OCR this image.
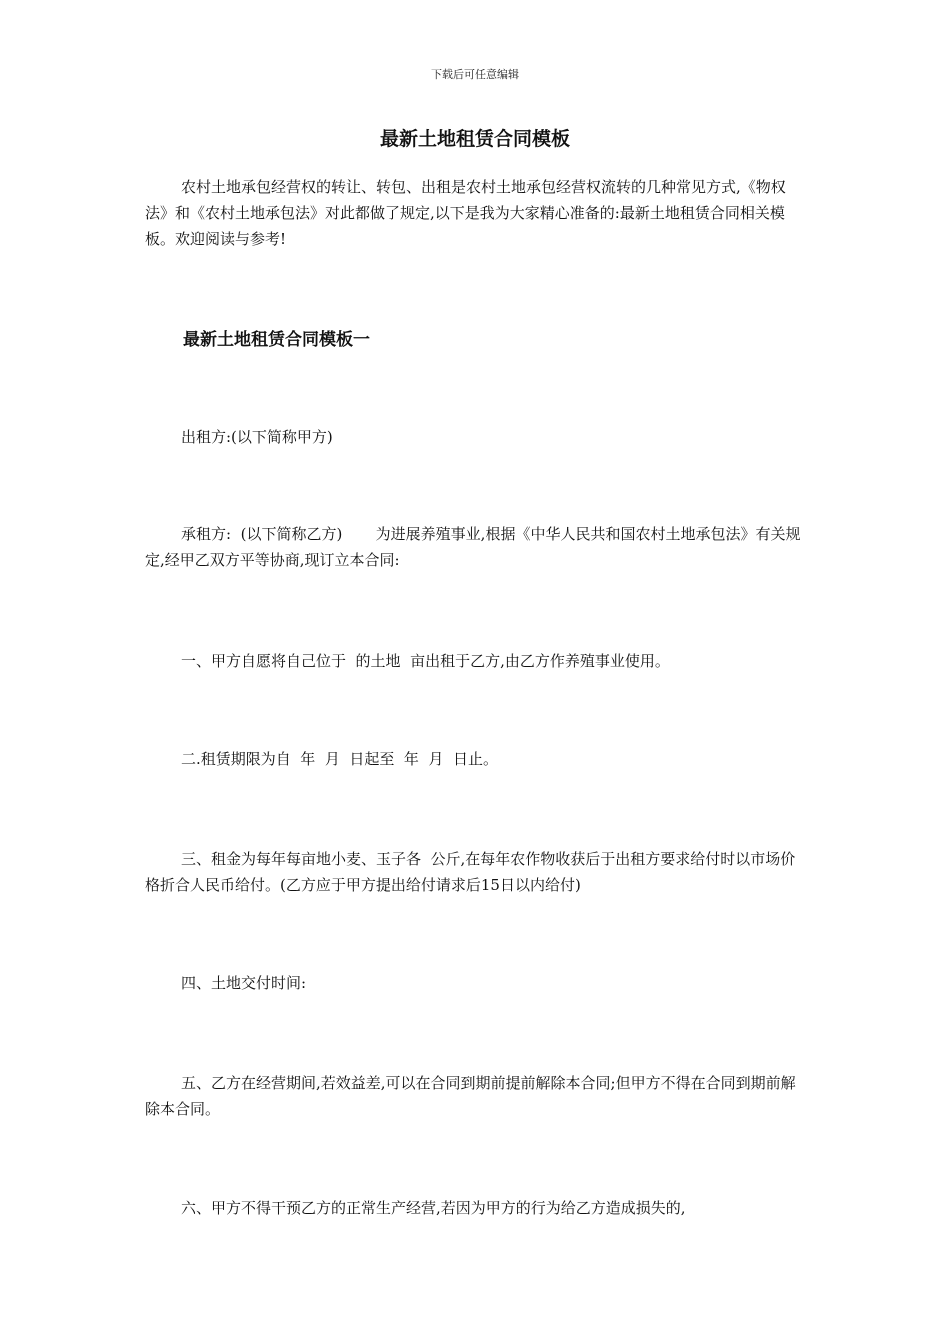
下载后可任意编辑
最新土地租赁合同模板
农村土地承包经营权的转让、转包、出租是农村土地承包经营权流转的几种常见方式,《物权法》和《农村土地承包法》对此都做了规定,以下是我为大家精心准备的:最新土地租赁合同相关模板。欢迎阅读与参考!
最新土地租赁合同模板一
出租方:(以下简称甲方)
承租方:  (以下简称乙方)       为进展养殖事业,根据《中华人民共和国农村土地承包法》有关规定,经甲乙双方平等协商,现订立本合同:
一、甲方自愿将自己位于  的土地  亩出租于乙方,由乙方作养殖事业使用。
二.租赁期限为自  年  月  日起至  年  月  日止。
三、租金为每年每亩地小麦、玉子各  公斤,在每年农作物收获后于出租方要求给付时以市场价格折合人民币给付。(乙方应于甲方提出给付请求后15日以内给付)
四、土地交付时间:
五、乙方在经营期间,若效益差,可以在合同到期前提前解除本合同;但甲方不得在合同到期前解除本合同。
六、甲方不得干预乙方的正常生产经营,若因为甲方的行为给乙方造成损失的,
